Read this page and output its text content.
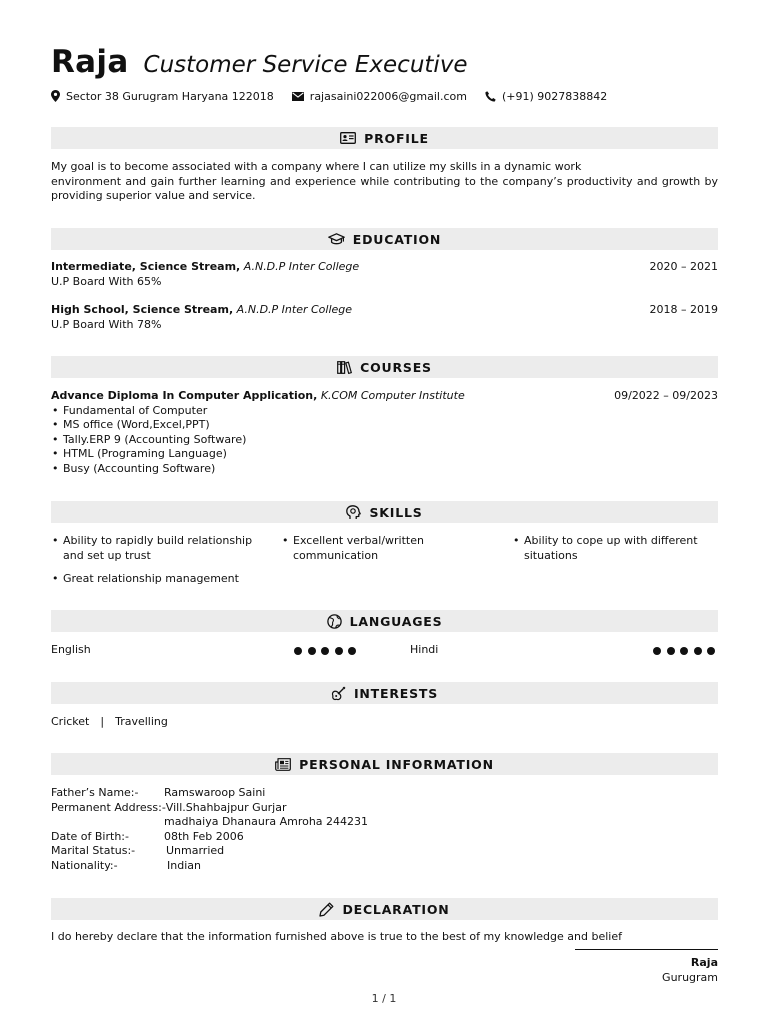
Raja Customer Service Executive
Sector 38 Gurugram Haryana 122018	rajasaini022006@gmail.com	(+91) 9027838842
PROFILE
My goal is to become associated with a company where I can utilize my skills in a dynamic work
environment and gain further learning and experience while contributing to the company’s productivity and growth by
providing superior value and service.
EDUCATION
Intermediate, Science Stream, A.N.D.P Inter College	2020 – 2021
U.P Board With 65%
High School, Science Stream, A.N.D.P Inter College	2018 – 2019
U.P Board With 78%
COURSES
Advance Diploma In Computer Application, K.COM Computer Institute	09/2022 – 09/2023
• Fundamental of Computer
• MS office (Word,Excel,PPT)
• Tally.ERP 9 (Accounting Software)
• HTML (Programing Language)
• Busy (Accounting Software)
SKILLS
• Ability to rapidly build relationship and set up trust
• Excellent verbal/written communication
• Ability to cope up with different situations
• Great relationship management
LANGUAGES
English	Hindi
INTERESTS
Cricket | Travelling
PERSONAL INFORMATION
Father’s Name:-	Ramswaroop Saini
Permanent Address:- Vill.Shahbajpur Gurjar
madhaiya Dhanaura Amroha 244231
Date of Birth:-	08th Feb 2006
Marital Status:-	Unmarried
Nationality:-	Indian
DECLARATION
I do hereby declare that the information furnished above is true to the best of my knowledge and belief
Raja
Gurugram
1 / 1
